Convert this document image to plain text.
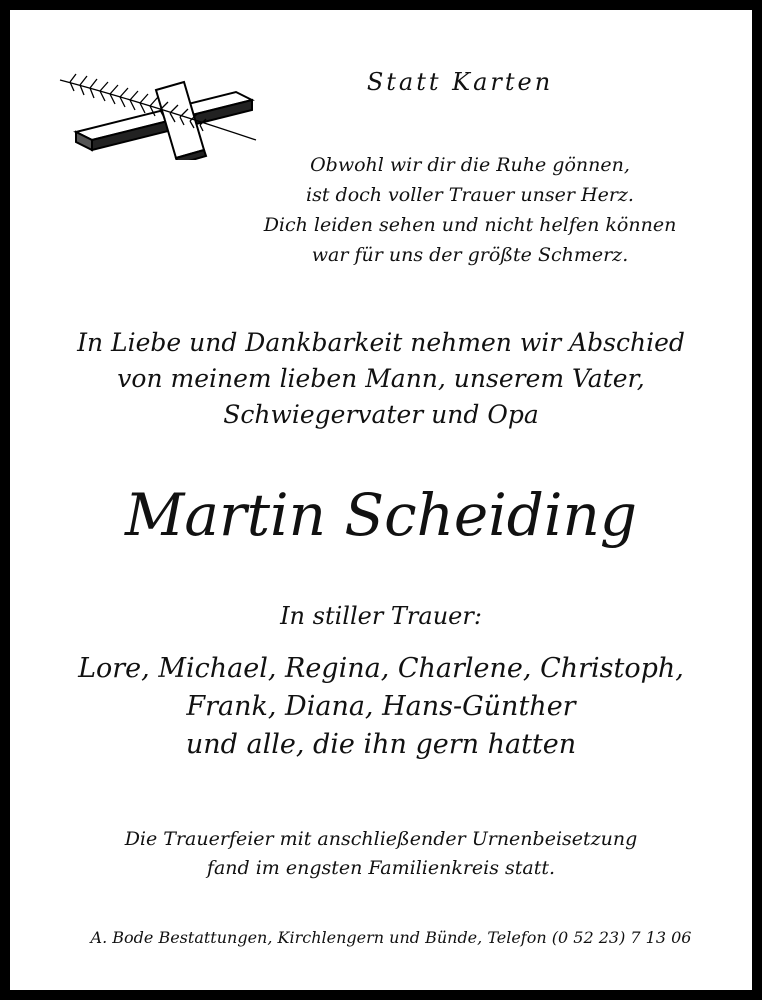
Statt Karten
Obwohl wir dir die Ruhe gönnen,
ist doch voller Trauer unser Herz.
Dich leiden sehen und nicht helfen können
war für uns der größte Schmerz.
In Liebe und Dankbarkeit nehmen wir Abschied
von meinem lieben Mann, unserem Vater,
Schwiegervater und Opa
Martin Scheiding
In stiller Trauer:
Lore, Michael, Regina, Charlene, Christoph,
Frank, Diana, Hans-Günther
und alle, die ihn gern hatten
Die Trauerfeier mit anschließender Urnenbeisetzung
fand im engsten Familienkreis statt.
A. Bode Bestattungen, Kirchlengern und Bünde, Telefon (0 52 23) 7 13 06
